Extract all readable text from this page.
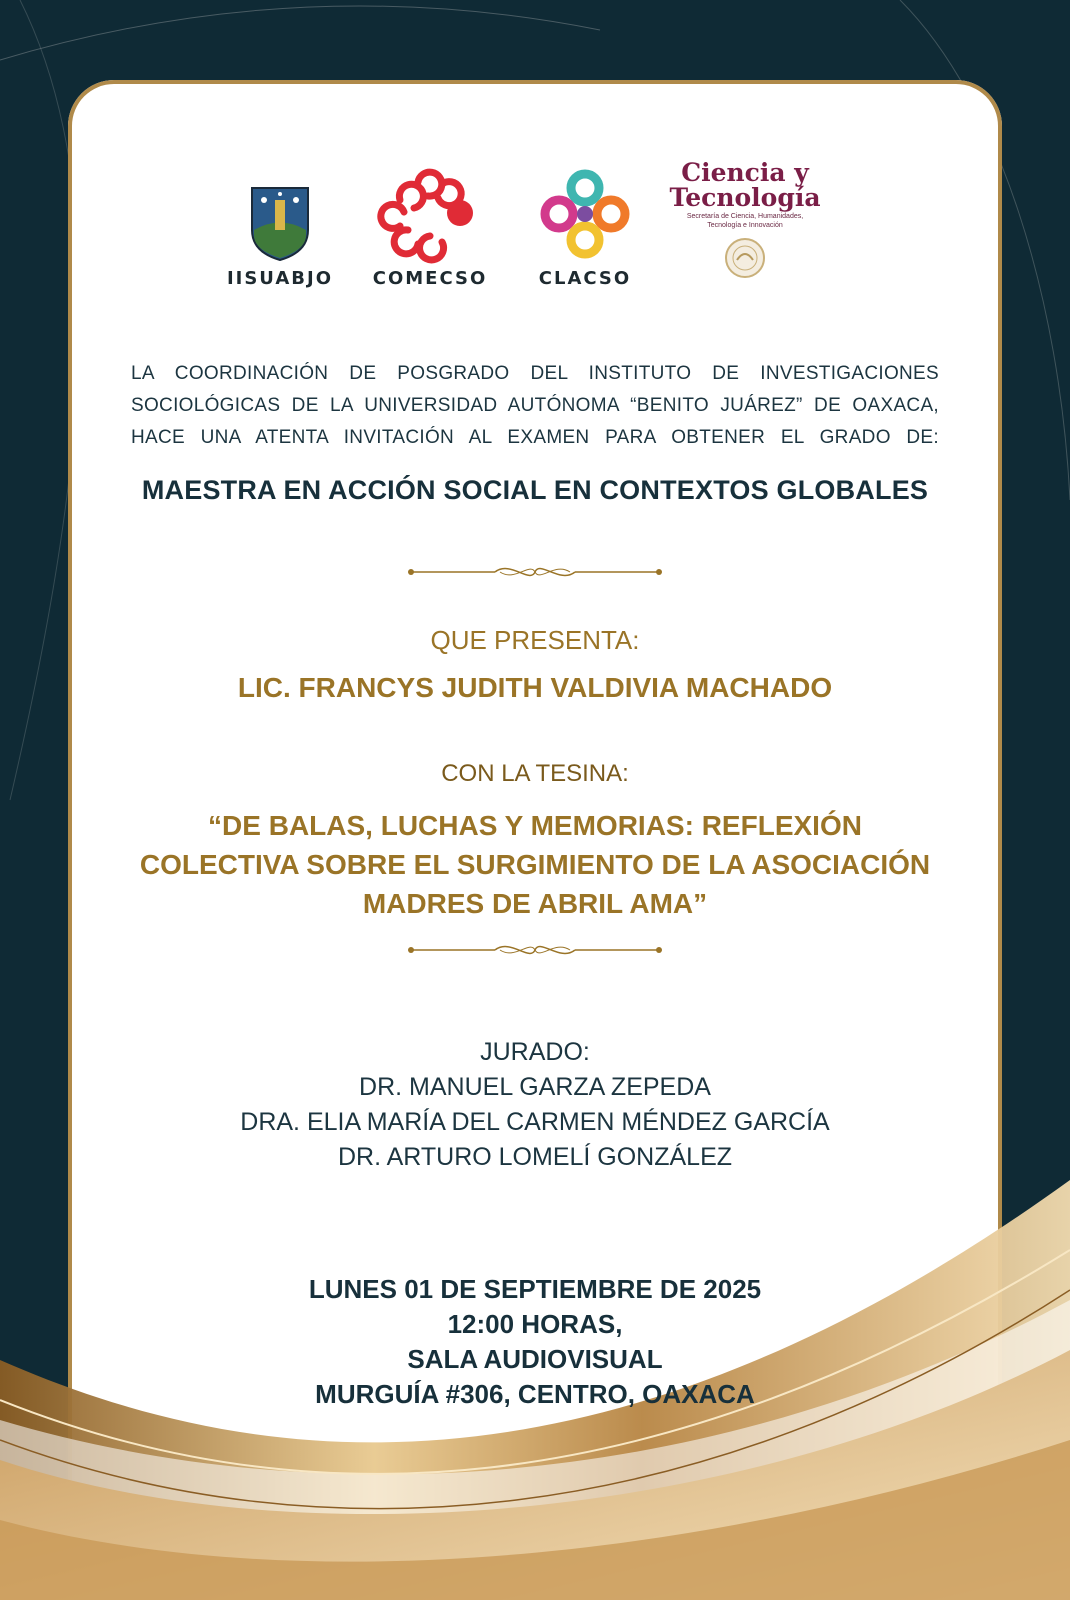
IISUABJO	COMECSO	CLACSO
Ciencia y
Tecnología
Secretaría de Ciencia, Humanidades, Tecnología e Innovación
LA COORDINACIÓN DE POSGRADO DEL INSTITUTO DE INVESTIGACIONES SOCIOLÓGICAS DE LA UNIVERSIDAD AUTÓNOMA “BENITO JUÁREZ” DE OAXACA, HACE UNA ATENTA INVITACIÓN AL EXAMEN PARA OBTENER EL GRADO DE:
MAESTRA EN ACCIÓN SOCIAL EN CONTEXTOS GLOBALES
QUE PRESENTA:
LIC. FRANCYS JUDITH VALDIVIA MACHADO
CON LA TESINA:
“DE BALAS, LUCHAS Y MEMORIAS: REFLEXIÓN
COLECTIVA SOBRE EL SURGIMIENTO DE LA ASOCIACIÓN
MADRES DE ABRIL AMA”
JURADO:
DR. MANUEL GARZA ZEPEDA
DRA. ELIA MARÍA DEL CARMEN MÉNDEZ GARCÍA
DR. ARTURO LOMELÍ GONZÁLEZ
LUNES 01 DE SEPTIEMBRE DE 2025
12:00 HORAS,
SALA AUDIOVISUAL
MURGUÍA #306, CENTRO, OAXACA
